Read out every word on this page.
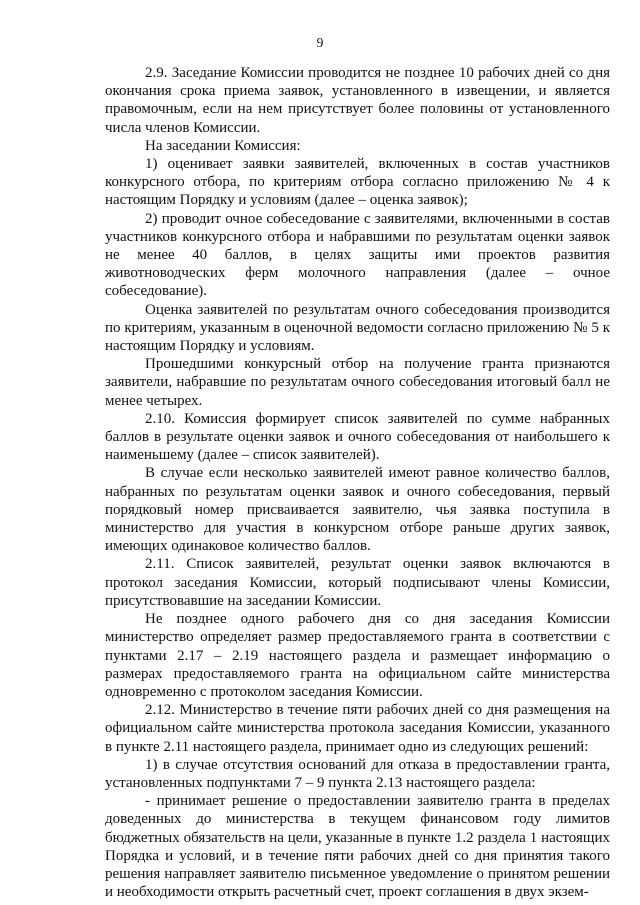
9

2.9. Заседание Комиссии проводится не позднее 10 рабочих дней со дня окончания срока приема заявок, установленного в извещении, и является правомочным, если на нем присутствует более половины от установленного числа членов Комиссии.

На заседании Комиссия:

1) оценивает заявки заявителей, включенных в состав участников конкурсного отбора, по критериям отбора согласно приложению № 4 к настоящим Порядку и условиям (далее – оценка заявок);

2) проводит очное собеседование с заявителями, включенными в состав участников конкурсного отбора и набравшими по результатам оценки заявок не менее 40 баллов, в целях защиты ими проектов развития животноводческих ферм молочного направления (далее – очное собеседование).

Оценка заявителей по результатам очного собеседования производится по критериям, указанным в оценочной ведомости согласно приложению № 5 к настоящим Порядку и условиям.

Прошедшими конкурсный отбор на получение гранта признаются заявители, набравшие по результатам очного собеседования итоговый балл не менее четырех.

2.10. Комиссия формирует список заявителей по сумме набранных баллов в результате оценки заявок и очного собеседования от наибольшего к наименьшему (далее – список заявителей).

В случае если несколько заявителей имеют равное количество баллов, набранных по результатам оценки заявок и очного собеседования, первый порядковый номер присваивается заявителю, чья заявка поступила в министерство для участия в конкурсном отборе раньше других заявок, имеющих одинаковое количество баллов.

2.11. Список заявителей, результат оценки заявок включаются в протокол заседания Комиссии, который подписывают члены Комиссии, присутствовавшие на заседании Комиссии.

Не позднее одного рабочего дня со дня заседания Комиссии министерство определяет размер предоставляемого гранта в соответствии с пунктами 2.17 – 2.19 настоящего раздела и размещает информацию о размерах предоставляемого гранта на официальном сайте министерства одновременно с протоколом заседания Комиссии.

2.12. Министерство в течение пяти рабочих дней со дня размещения на официальном сайте министерства протокола заседания Комиссии, указанного в пункте 2.11 настоящего раздела, принимает одно из следующих решений:

1) в случае отсутствия оснований для отказа в предоставлении гранта, установленных подпунктами 7 – 9 пункта 2.13 настоящего раздела:

- принимает решение о предоставлении заявителю гранта в пределах доведенных до министерства в текущем финансовом году лимитов бюджетных обязательств на цели, указанные в пункте 1.2 раздела 1 настоящих Порядка и условий, и в течение пяти рабочих дней со дня принятия такого решения направляет заявителю письменное уведомление о принятом решении и необходимости открыть расчетный счет, проект соглашения в двух экзем-
